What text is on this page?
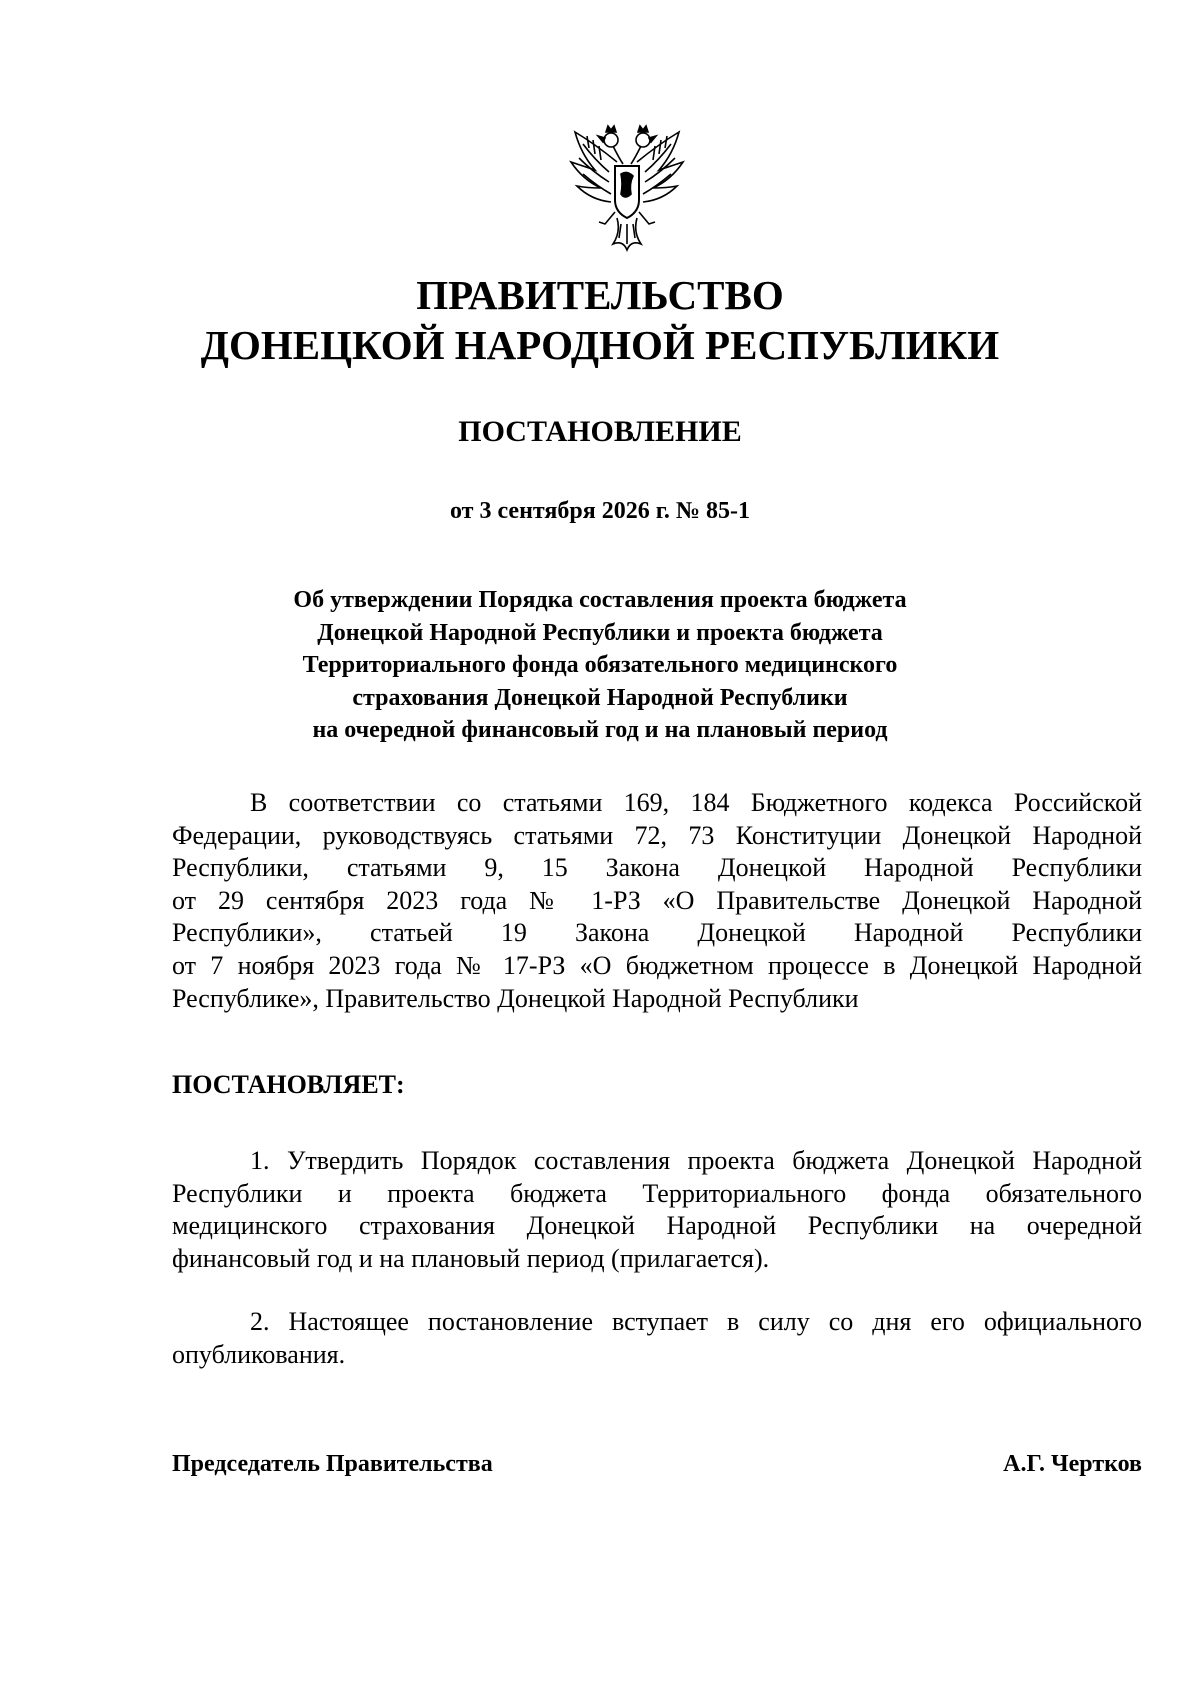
ПРАВИТЕЛЬСТВО
ДОНЕЦКОЙ НАРОДНОЙ РЕСПУБЛИКИ
ПОСТАНОВЛЕНИЕ
от 3 сентября 2026 г. № 85-1
Об утверждении Порядка составления проекта бюджета
Донецкой Народной Республики и проекта бюджета
Территориального фонда обязательного медицинского
страхования Донецкой Народной Республики
на очередной финансовый год и на плановый период
В соответствии со статьями 169, 184 Бюджетного кодекса Российской
Федерации, руководствуясь статьями 72, 73 Конституции Донецкой Народной
Республики, статьями 9, 15 Закона Донецкой Народной Республики
от 29 сентября 2023 года № 1-РЗ «О Правительстве Донецкой Народной
Республики», статьей 19 Закона Донецкой Народной Республики
от 7 ноября 2023 года № 17-РЗ «О бюджетном процессе в Донецкой Народной
Республике», Правительство Донецкой Народной Республики
ПОСТАНОВЛЯЕТ:
1. Утвердить Порядок составления проекта бюджета Донецкой Народной
Республики и проекта бюджета Территориального фонда обязательного
медицинского страхования Донецкой Народной Республики на очередной
финансовый год и на плановый период (прилагается).
2. Настоящее постановление вступает в силу со дня его официального
опубликования.
Председатель Правительства	А.Г. Чертков
